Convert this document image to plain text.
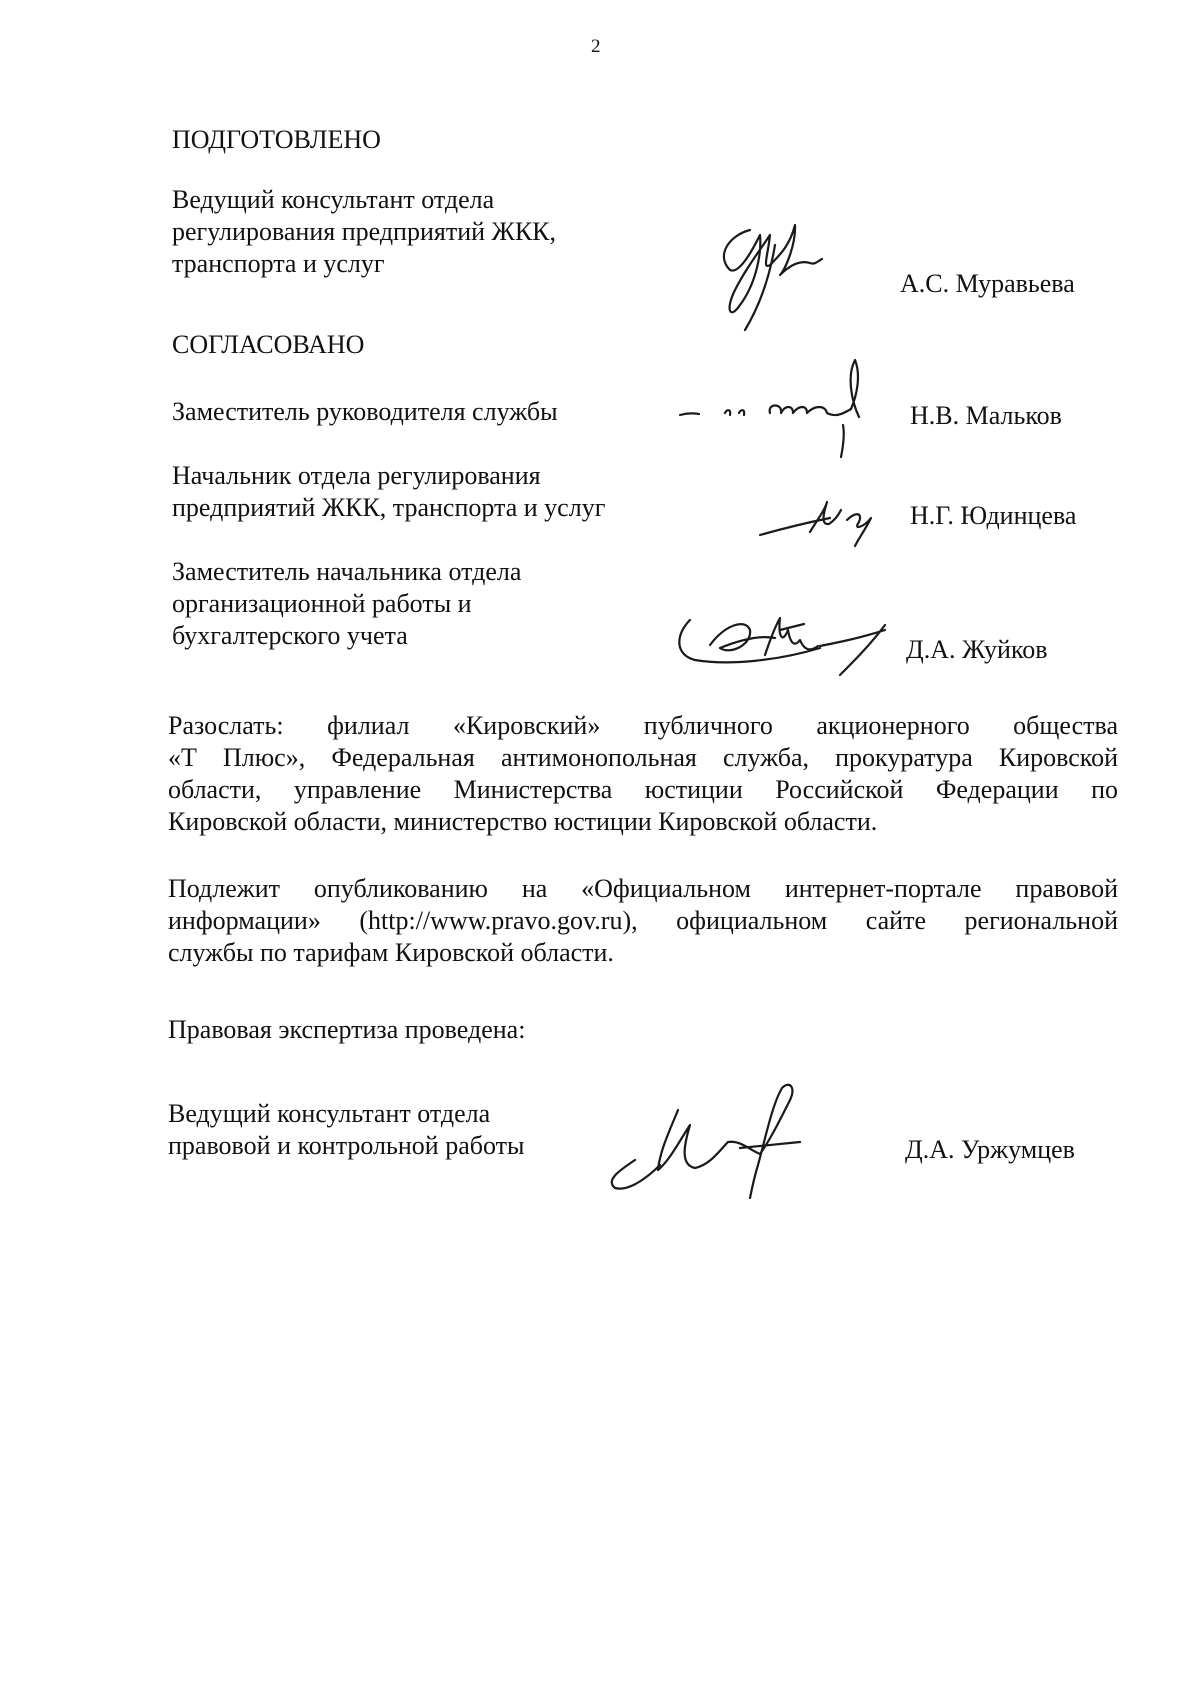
2
ПОДГОТОВЛЕНО
Ведущий консультант отдела
регулирования предприятий ЖКК,
транспорта и услуг
А.С. Муравьева
СОГЛАСОВАНО
Заместитель руководителя службы	Н.В. Мальков
Начальник отдела регулирования
предприятий ЖКК, транспорта и услуг	Н.Г. Юдинцева
Заместитель начальника отдела
организационной работы и
бухгалтерского учета	Д.А. Жуйков
Разослать: филиал «Кировский» публичного акционерного общества
«Т Плюс», Федеральная антимонопольная служба, прокуратура Кировской
области, управление Министерства юстиции Российской Федерации по
Кировской области, министерство юстиции Кировской области.
Подлежит опубликованию на «Официальном интернет-портале правовой
информации» (http://www.pravo.gov.ru), официальном сайте региональной
службы по тарифам Кировской области.
Правовая экспертиза проведена:
Ведущий консультант отдела
правовой и контрольной работы	Д.А. Уржумцев
